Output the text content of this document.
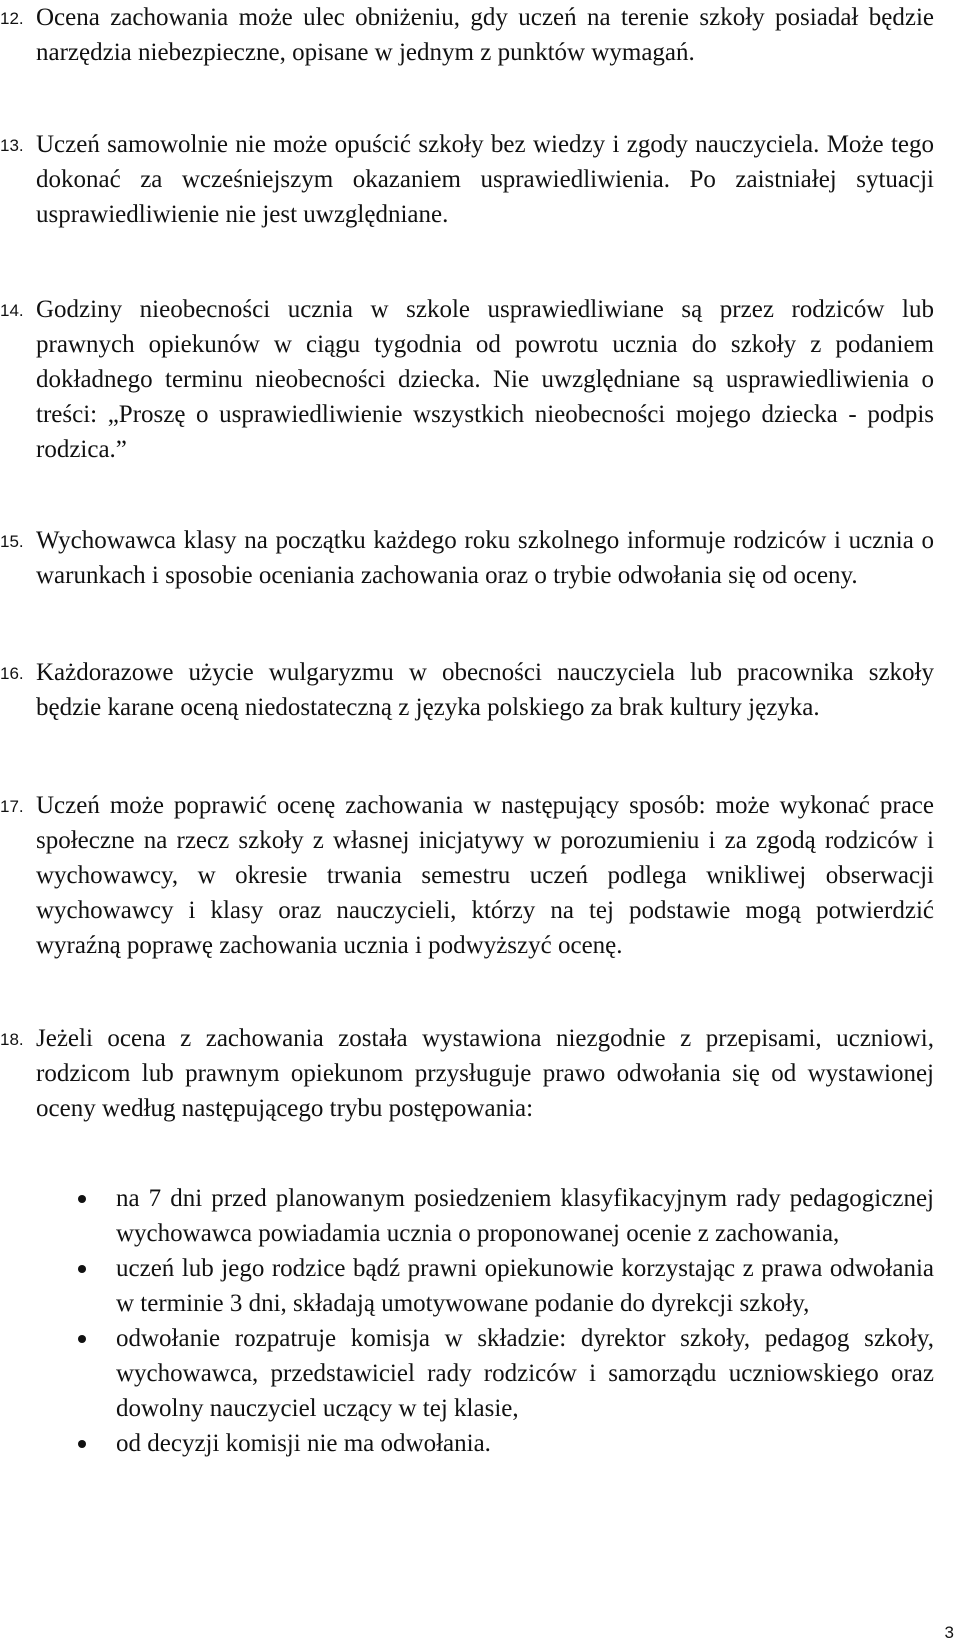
12. Ocena zachowania może ulec obniżeniu, gdy uczeń na terenie szkoły posiadał będzie narzędzia niebezpieczne, opisane w jednym z punktów wymagań.
13. Uczeń samowolnie nie może opuścić szkoły bez wiedzy i zgody nauczyciela. Może tego dokonać za wcześniejszym okazaniem usprawiedliwienia. Po zaistniałej sytuacji usprawiedliwienie nie jest uwzględniane.
14. Godziny nieobecności ucznia w szkole usprawiedliwiane są przez rodziców lub prawnych opiekunów w ciągu tygodnia od powrotu ucznia do szkoły z podaniem dokładnego terminu nieobecności dziecka. Nie uwzględniane są usprawiedliwienia o treści: „Proszę o usprawiedliwienie wszystkich nieobecności mojego dziecka - podpis rodzica.”
15. Wychowawca klasy na początku każdego roku szkolnego informuje rodziców i ucznia o warunkach i sposobie oceniania zachowania oraz o trybie odwołania się od oceny.
16. Każdorazowe użycie wulgaryzmu w obecności nauczyciela lub pracownika szkoły będzie karane oceną niedostateczną z języka polskiego za brak kultury języka.
17. Uczeń może poprawić ocenę zachowania w następujący sposób: może wykonać prace społeczne na rzecz szkoły z własnej inicjatywy w porozumieniu i za zgodą rodziców i wychowawcy, w okresie trwania semestru uczeń podlega wnikliwej obserwacji wychowawcy i klasy oraz nauczycieli, którzy na tej podstawie mogą potwierdzić wyraźną poprawę zachowania ucznia i podwyższyć ocenę.
18. Jeżeli ocena z zachowania została wystawiona niezgodnie z przepisami, uczniowi, rodzicom lub prawnym opiekunom przysługuje prawo odwołania się od wystawionej oceny według następującego trybu postępowania:
na 7 dni przed planowanym posiedzeniem klasyfikacyjnym rady pedagogicznej wychowawca powiadamia ucznia o proponowanej ocenie z zachowania,
uczeń lub jego rodzice bądź prawni opiekunowie korzystając z prawa odwołania w terminie 3 dni, składają umotywowane podanie do dyrekcji szkoły,
odwołanie rozpatruje komisja w składzie: dyrektor szkoły, pedagog szkoły, wychowawca, przedstawiciel rady rodziców i samorządu uczniowskiego oraz dowolny nauczyciel uczący w tej klasie,
od decyzji komisji nie ma odwołania.
3
